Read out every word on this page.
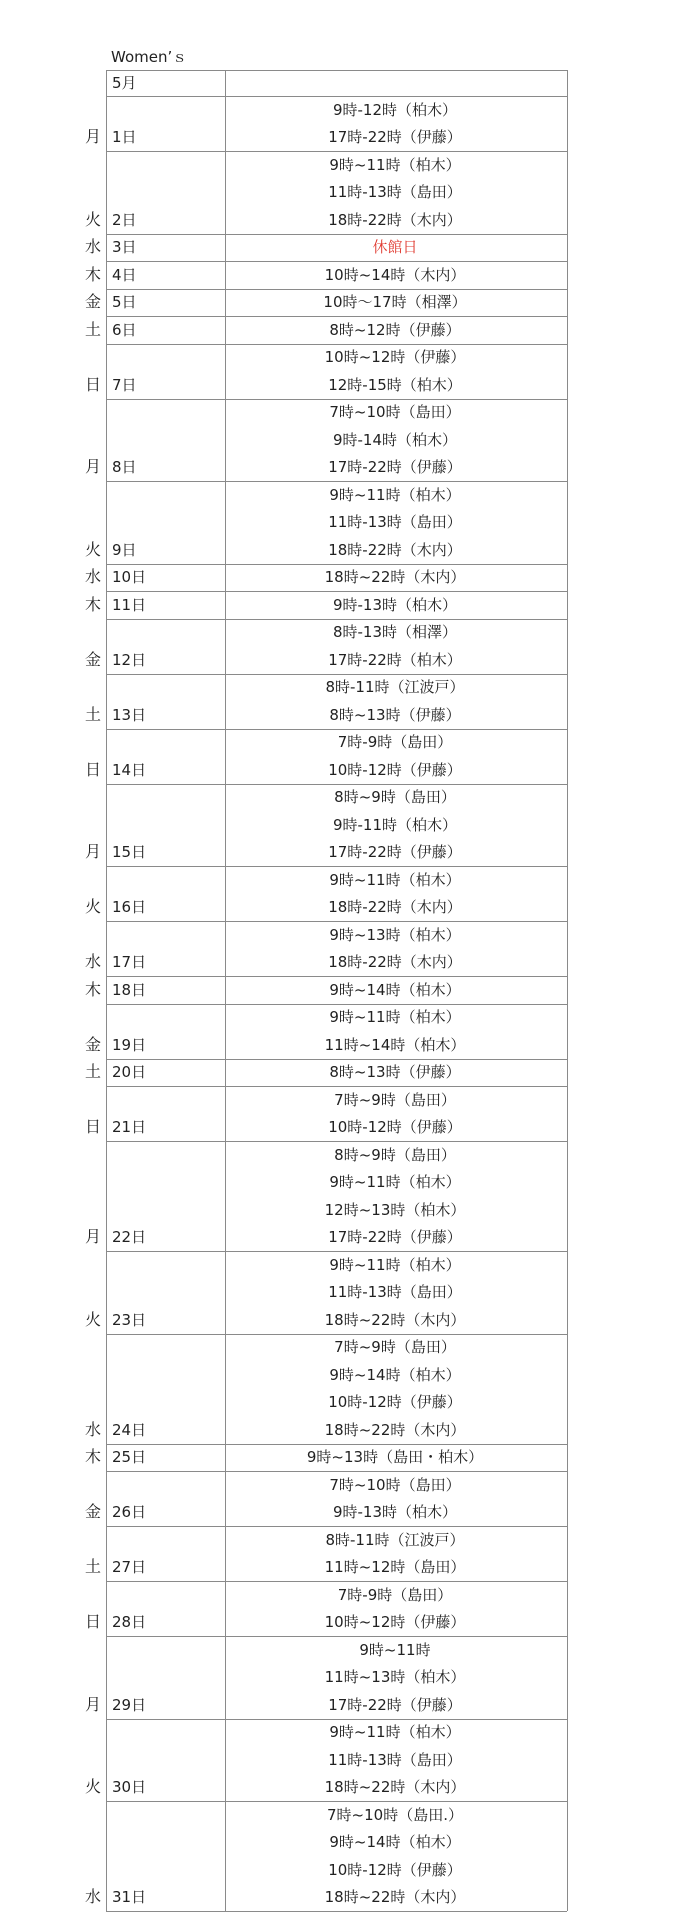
Women’ｓ
5月
9時-12時（柏木）
17時-22時（伊藤）
月 1日
9時~11時（柏木）
11時-13時（島田）
18時-22時（木内）
火 2日
休館日
水 3日
10時~14時（木内）
木 4日
10時～17時（相澤）
金 5日
8時~12時（伊藤）
土 6日
10時~12時（伊藤）
12時-15時（柏木）
日 7日
7時~10時（島田）
9時-14時（柏木）
17時-22時（伊藤）
月 8日
9時~11時（柏木）
11時-13時（島田）
18時-22時（木内）
火 9日
18時~22時（木内）
水 10日
9時-13時（柏木）
木 11日
8時-13時（相澤）
17時-22時（柏木）
金 12日
8時-11時（江波戸）
8時~13時（伊藤）
土 13日
7時-9時（島田）
10時-12時（伊藤）
日 14日
8時~9時（島田）
9時-11時（柏木）
17時-22時（伊藤）
月 15日
9時~11時（柏木）
18時-22時（木内）
火 16日
9時~13時（柏木）
18時-22時（木内）
水 17日
9時~14時（柏木）
木 18日
9時~11時（柏木）
11時~14時（柏木）
金 19日
8時~13時（伊藤）
土 20日
7時~9時（島田）
10時-12時（伊藤）
日 21日
8時~9時（島田）
9時~11時（柏木）
12時~13時（柏木）
17時-22時（伊藤）
月 22日
9時~11時（柏木）
11時-13時（島田）
18時~22時（木内）
火 23日
7時~9時（島田）
9時~14時（柏木）
10時-12時（伊藤）
18時~22時（木内）
水 24日
9時~13時（島田・柏木）
木 25日
7時~10時（島田）
9時-13時（柏木）
金 26日
8時-11時（江波戸）
11時~12時（島田）
土 27日
7時-9時（島田）
10時~12時（伊藤）
日 28日
9時~11時
11時~13時（柏木）
17時-22時（伊藤）
月 29日
9時~11時（柏木）
11時-13時（島田）
18時~22時（木内）
火 30日
7時~10時（島田.）
9時~14時（柏木）
10時-12時（伊藤）
18時~22時（木内）
水 31日
